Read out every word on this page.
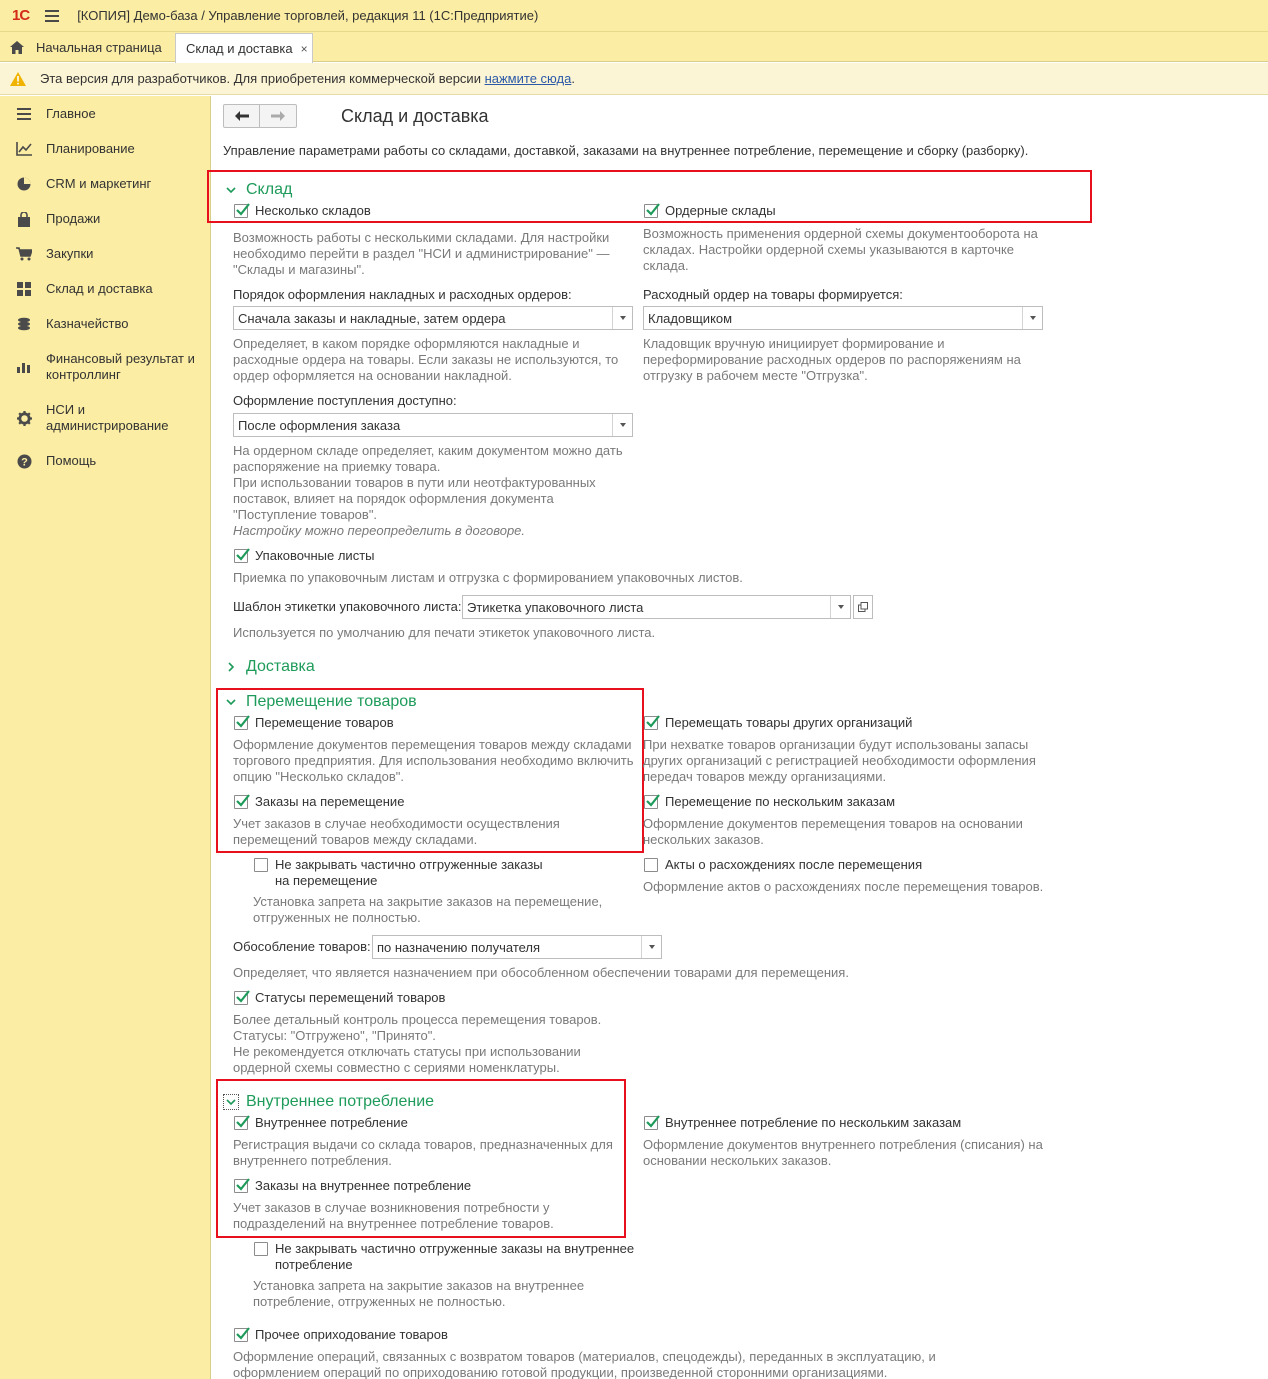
1С	[КОПИЯ] Демо-база / Управление торговлей, редакция 11 (1С:Предприятие)
Начальная страница Склад и доставка ×
Эта версия для разработчиков. Для приобретения коммерческой версии нажмите сюда .
Главное
Планирование
CRM и маркетинг
Продажи
Закупки
Склад и доставка
Казначейство
Финансовый результат и
контроллинг
НСИ и
администрирование
? Помощь
Склад и доставка
Управление параметрами работы со складами, доставкой, заказами на внутреннее потребление, перемещение и сборку (разборку).
Склад
Несколько складов
Возможность работы с несколькими складами. Для настройки
необходимо перейти в раздел "НСИ и администрирование" —
"Склады и магазины".
Ордерные склады
Возможность применения ордерной схемы документооборота на
складах. Настройки ордерной схемы указываются в карточке
склада.
Порядок оформления накладных и расходных ордеров:
Сначала заказы и накладные, затем ордера
Определяет, в каком порядке оформляются накладные и
расходные ордера на товары. Если заказы не используются, то
ордер оформляется на основании накладной.
Расходный ордер на товары формируется:
Кладовщиком
Кладовщик вручную инициирует формирование и
переформирование расходных ордеров по распоряжениям на
отгрузку в рабочем месте "Отгрузка".
Оформление поступления доступно:
После оформления заказа
На ордерном складе определяет, каким документом можно дать
распоряжение на приемку товара.
При использовании товаров в пути или неотфактурованных
поставок, влияет на порядок оформления документа
"Поступление товаров".
Настройку можно переопределить в договоре.
Упаковочные листы
Приемка по упаковочным листам и отгрузка с формированием упаковочных листов.
Шаблон этикетки упаковочного листа: Этикетка упаковочного листа
Используется по умолчанию для печати этикеток упаковочного листа.
Доставка
Перемещение товаров
Перемещение товаров
Оформление документов перемещения товаров между складами
торгового предприятия. Для использования необходимо включить
опцию "Несколько складов".
Перемещать товары других организаций
При нехватке товаров организации будут использованы запасы
других организаций с регистрацией необходимости оформления
передач товаров между организациями.
Заказы на перемещение
Учет заказов в случае необходимости осуществления
перемещений товаров между складами.
Перемещение по нескольким заказам
Оформление документов перемещения товаров на основании
нескольких заказов.
Не закрывать частично отгруженные заказы
на перемещение
Установка запрета на закрытие заказов на перемещение,
отгруженных не полностью.
Акты о расхождениях после перемещения
Оформление актов о расхождениях после перемещения товаров.
Обособление товаров: по назначению получателя
Определяет, что является назначением при обособленном обеспечении товарами для перемещения.
Статусы перемещений товаров
Более детальный контроль процесса перемещения товаров.
Статусы: "Отгружено", "Принято".
Не рекомендуется отключать статусы при использовании
ордерной схемы совместно с сериями номенклатуры.
Внутреннее потребление
Внутреннее потребление
Регистрация выдачи со склада товаров, предназначенных для
внутреннего потребления.
Внутреннее потребление по нескольким заказам
Оформление документов внутреннего потребления (списания) на
основании нескольких заказов.
Заказы на внутреннее потребление
Учет заказов в случае возникновения потребности у
подразделений на внутреннее потребление товаров.
Не закрывать частично отгруженные заказы на внутреннее
потребление
Установка запрета на закрытие заказов на внутреннее
потребление, отгруженных не полностью.
Прочее оприходование товаров
Оформление операций, связанных с возвратом товаров (материалов, спецодежды), переданных в эксплуатацию, и
оформлением операций по оприходованию готовой продукции, произведенной сторонними организациями.
